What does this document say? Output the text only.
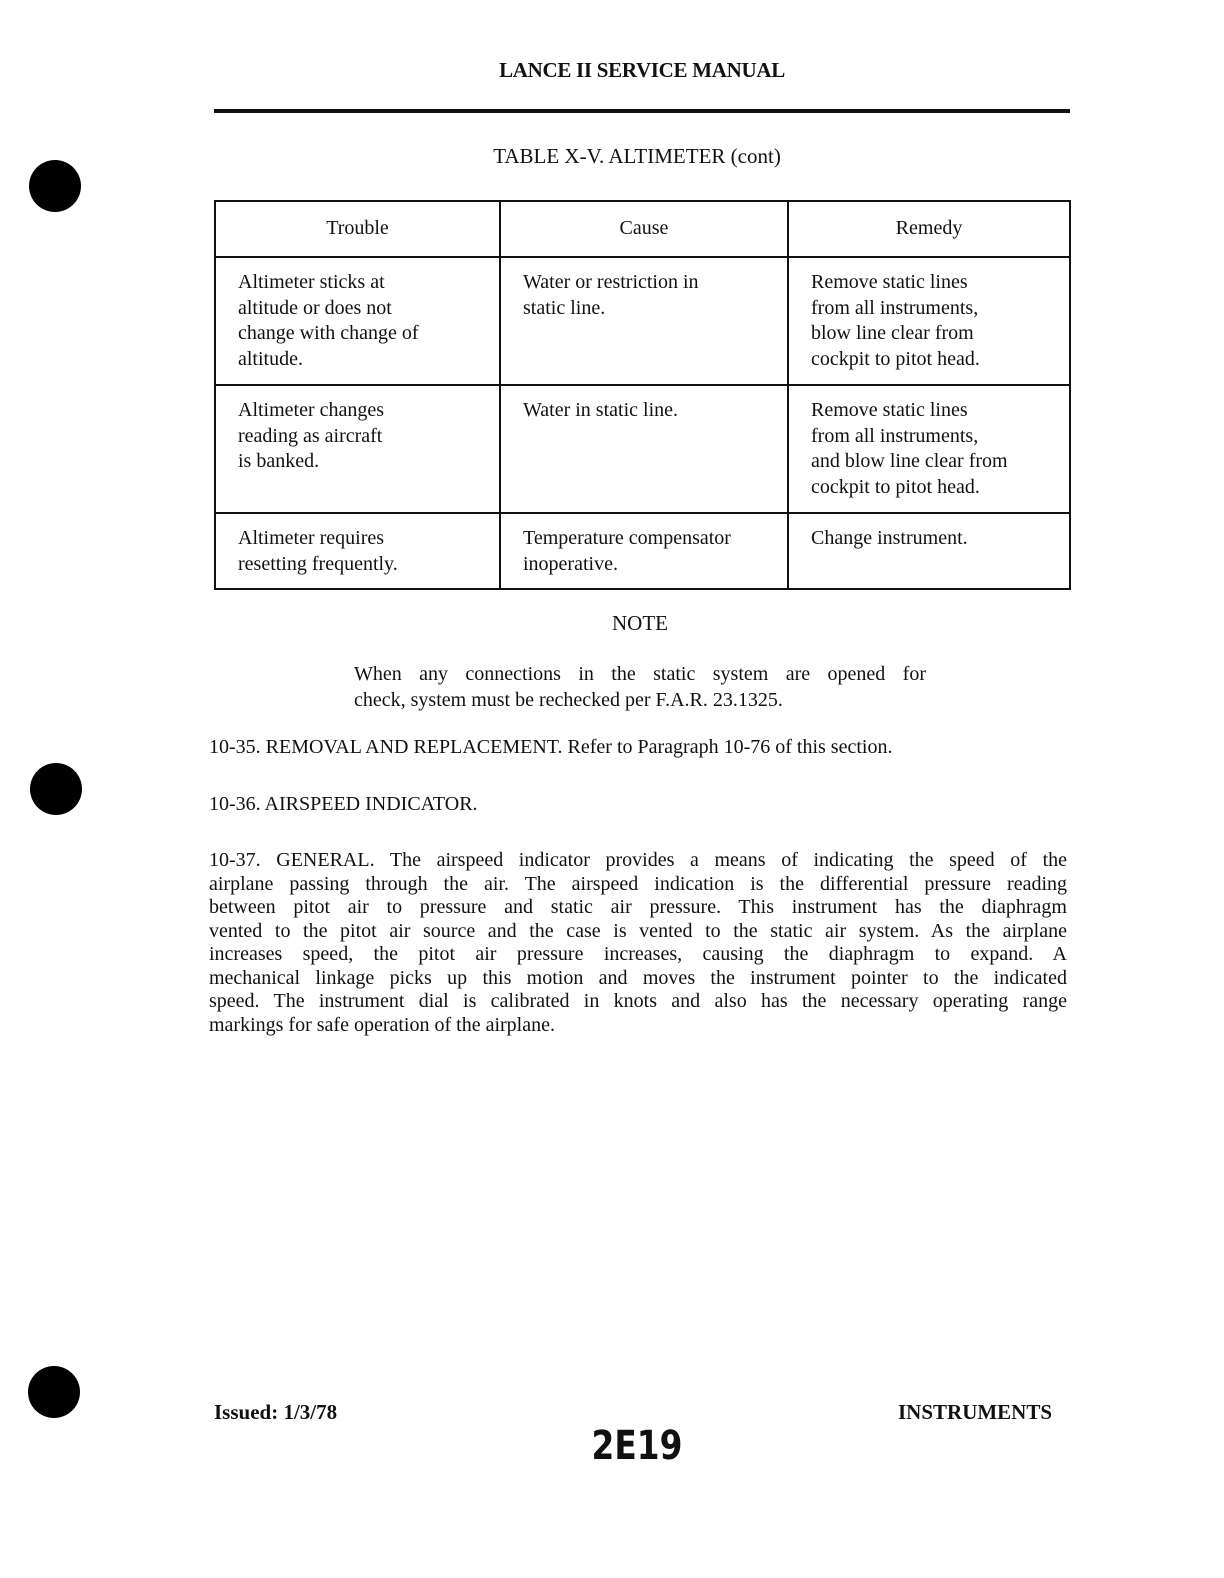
LANCE II SERVICE MANUAL
TABLE X-V. ALTIMETER (cont)
Trouble	Cause	Remedy

Altimeter sticks at
altitude or does not
change with change of
altitude.	Water or restriction in
static line.	Remove static lines
from all instruments,
blow line clear from
cockpit to pitot head.

Altimeter changes
reading as aircraft
is banked.	Water in static line.	Remove static lines
from all instruments,
and blow line clear from
cockpit to pitot head.

Altimeter requires
resetting frequently.	Temperature compensator
inoperative.	Change instrument.
NOTE
When any connections in the static system are opened for
check, system must be rechecked per F.A.R. 23.1325.
10-35. REMOVAL AND REPLACEMENT. Refer to Paragraph 10-76 of this section.
10-36. AIRSPEED INDICATOR.
10-37. GENERAL. The airspeed indicator provides a means of indicating the speed of the
airplane passing through the air. The airspeed indication is the differential pressure reading
between pitot air to pressure and static air pressure. This instrument has the diaphragm
vented to the pitot air source and the case is vented to the static air system. As the airplane
increases speed, the pitot air pressure increases, causing the diaphragm to expand. A
mechanical linkage picks up this motion and moves the instrument pointer to the indicated
speed. The instrument dial is calibrated in knots and also has the necessary operating range
markings for safe operation of the airplane.
Issued: 1/3/78	INSTRUMENTS
2E19
